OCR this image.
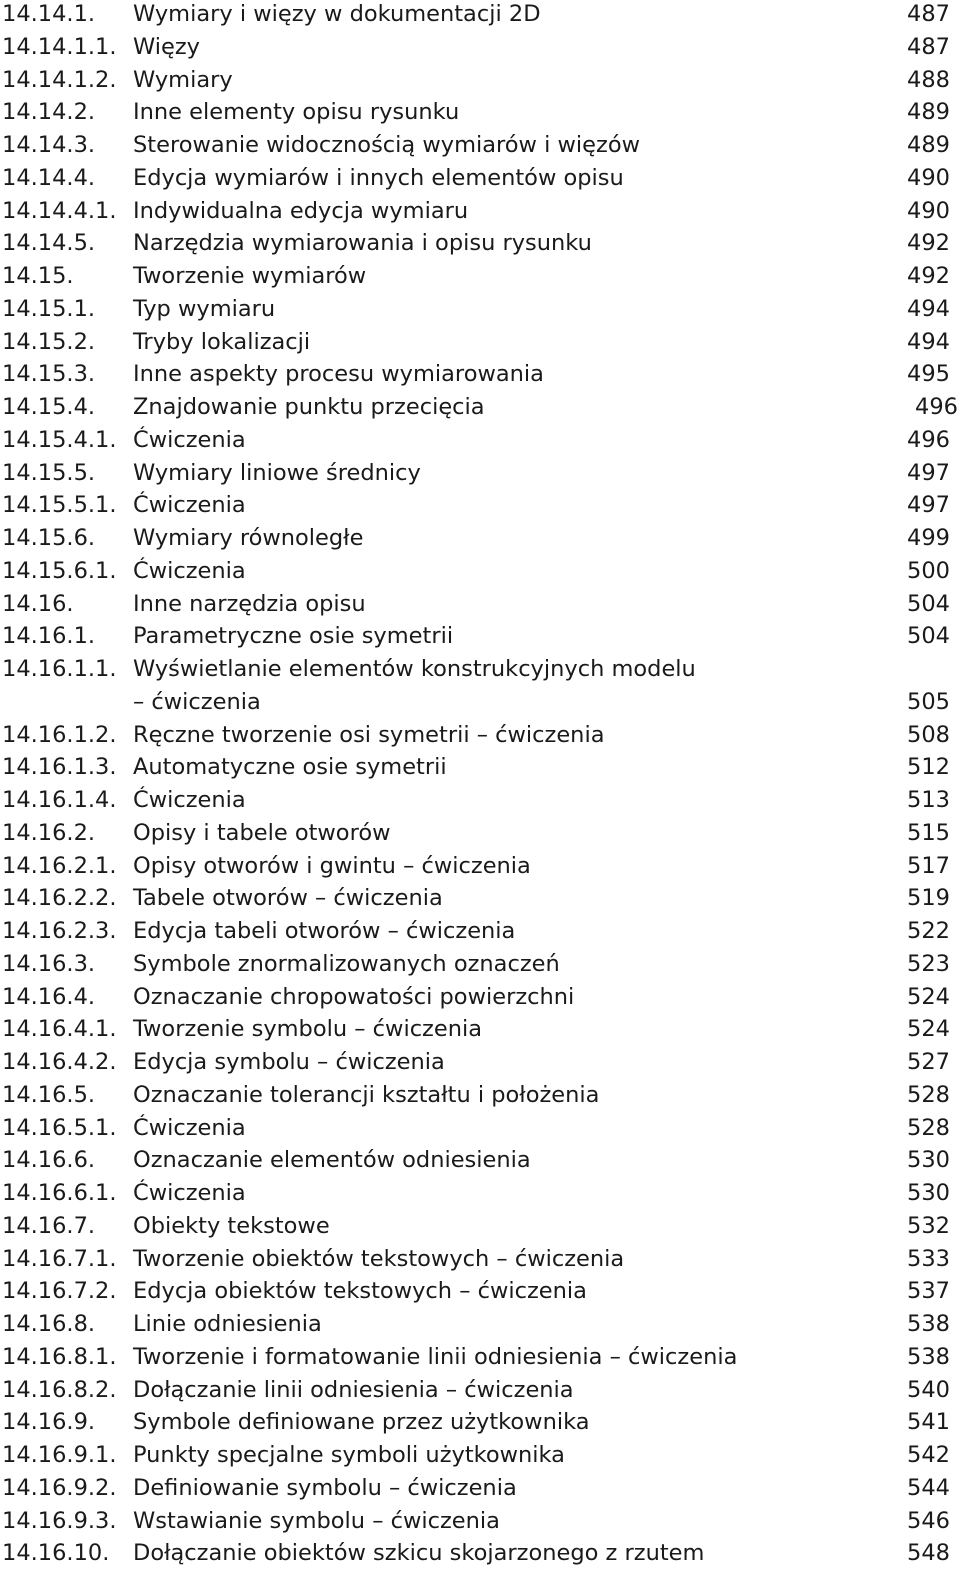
14.14.1. Wymiary i więzy w dokumentacji 2D	487
14.14.1.1. Więzy	487
14.14.1.2. Wymiary	488
14.14.2. Inne elementy opisu rysunku	489
14.14.3. Sterowanie widocznością wymiarów i więzów	489
14.14.4. Edycja wymiarów i innych elementów opisu	490
14.14.4.1. Indywidualna edycja wymiaru	490
14.14.5. Narzędzia wymiarowania i opisu rysunku	492
14.15.	Tworzenie wymiarów	492
14.15.1. Typ wymiaru	494
14.15.2. Tryby lokalizacji	494
14.15.3. Inne aspekty procesu wymiarowania	495
14.15.4. Znajdowanie punktu przecięcia	496
14.15.4.1. Ćwiczenia	496
14.15.5. Wymiary liniowe średnicy	497
14.15.5.1. Ćwiczenia	497
14.15.6. Wymiary równoległe	499
14.15.6.1. Ćwiczenia	500
14.16.	Inne narzędzia opisu	504
14.16.1. Parametryczne osie symetrii	504
14.16.1.1. Wyświetlanie elementów konstrukcyjnych modelu
– ćwiczenia	505
14.16.1.2. Ręczne tworzenie osi symetrii – ćwiczenia	508
14.16.1.3. Automatyczne osie symetrii	512
14.16.1.4. Ćwiczenia	513
14.16.2. Opisy i tabele otworów	515
14.16.2.1. Opisy otworów i gwintu – ćwiczenia	517
14.16.2.2. Tabele otworów – ćwiczenia	519
14.16.2.3. Edycja tabeli otworów – ćwiczenia	522
14.16.3. Symbole znormalizowanych oznaczeń	523
14.16.4. Oznaczanie chropowatości powierzchni	524
14.16.4.1. Tworzenie symbolu – ćwiczenia	524
14.16.4.2. Edycja symbolu – ćwiczenia	527
14.16.5. Oznaczanie tolerancji kształtu i położenia	528
14.16.5.1. Ćwiczenia	528
14.16.6. Oznaczanie elementów odniesienia	530
14.16.6.1. Ćwiczenia	530
14.16.7. Obiekty tekstowe	532
14.16.7.1. Tworzenie obiektów tekstowych – ćwiczenia	533
14.16.7.2. Edycja obiektów tekstowych – ćwiczenia	537
14.16.8. Linie odniesienia	538
14.16.8.1. Tworzenie i formatowanie linii odniesienia – ćwiczenia	538
14.16.8.2. Dołączanie linii odniesienia – ćwiczenia	540
14.16.9. Symbole definiowane przez użytkownika	541
14.16.9.1. Punkty specjalne symboli użytkownika	542
14.16.9.2. Definiowanie symbolu – ćwiczenia	544
14.16.9.3. Wstawianie symbolu – ćwiczenia	546
14.16.10. Dołączanie obiektów szkicu skojarzonego z rzutem	548
